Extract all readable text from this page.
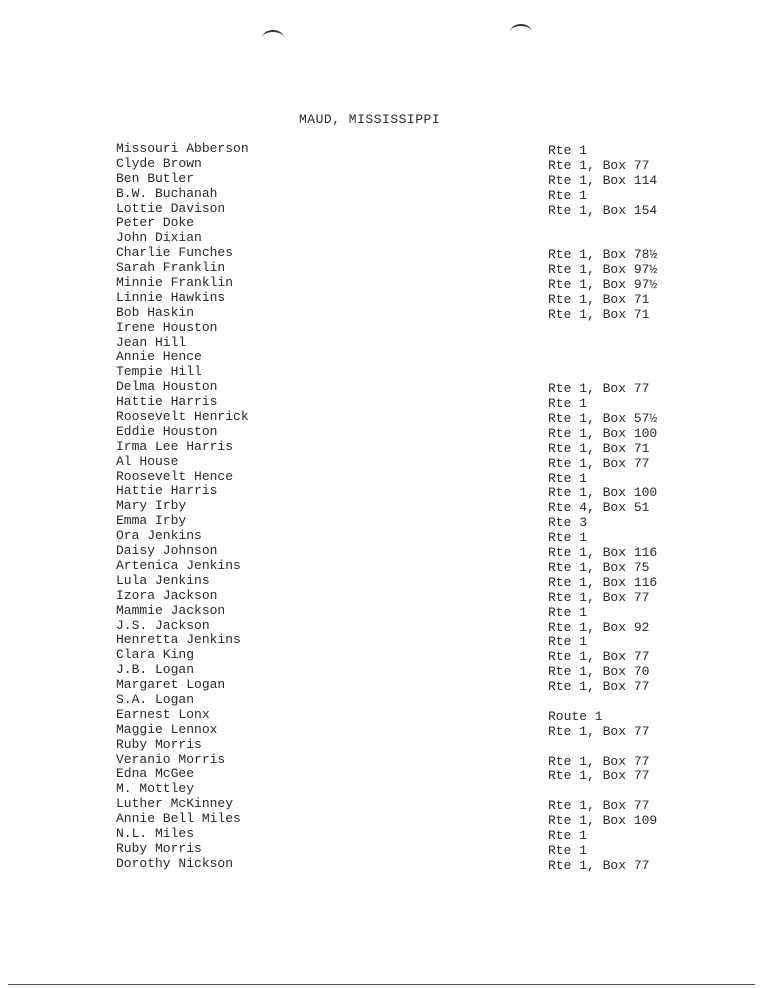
MAUD, MISSISSIPPI
Missouri Abberson
Clyde Brown
Ben Butler
B.W. Buchanah
Lottie Davison
Peter Doke
John Dixian
Charlie Funches
Sarah Franklin
Minnie Franklin
Linnie Hawkins
Bob Haskin
Irene Houston
Jean Hill
Annie Hence
Tempie Hill
Delma Houston
Hattie Harris
Roosevelt Henrick
Eddie Houston
Irma Lee Harris
Al House
Roosevelt Hence
Hattie Harris
Mary Irby
Emma Irby
Ora Jenkins
Daisy Johnson
Artenica Jenkins
Lula Jenkins
Izora Jackson
Mammie Jackson
J.S. Jackson
Henretta Jenkins
Clara King
J.B. Logan
Margaret Logan
S.A. Logan
Earnest Lonx
Maggie Lennox
Ruby Morris
Veranio Morris
Edna McGee
M. Mottley
Luther McKinney
Annie Bell Miles
N.L. Miles
Ruby Morris
Dorothy Nickson
Rte 1
Rte 1, Box 77
Rte 1, Box 114
Rte 1
Rte 1, Box 154
Rte 1, Box 78½
Rte 1, Box 97½
Rte 1, Box 97½
Rte 1, Box 71
Rte 1, Box 71
Rte 1, Box 77
Rte 1
Rte 1, Box 57½
Rte 1, Box 100
Rte 1, Box 71
Rte 1, Box 77
Rte 1
Rte 1, Box 100
Rte 4, Box 51
Rte 3
Rte 1
Rte 1, Box 116
Rte 1, Box 75
Rte 1, Box 116
Rte 1, Box 77
Rte 1
Rte 1, Box 92
Rte 1
Rte 1, Box 77
Rte 1, Box 70
Rte 1, Box 77
Route 1
Rte 1, Box 77
Rte 1, Box 77
Rte 1, Box 77
Rte 1, Box 77
Rte 1, Box 109
Rte 1
Rte 1
Rte 1, Box 77
